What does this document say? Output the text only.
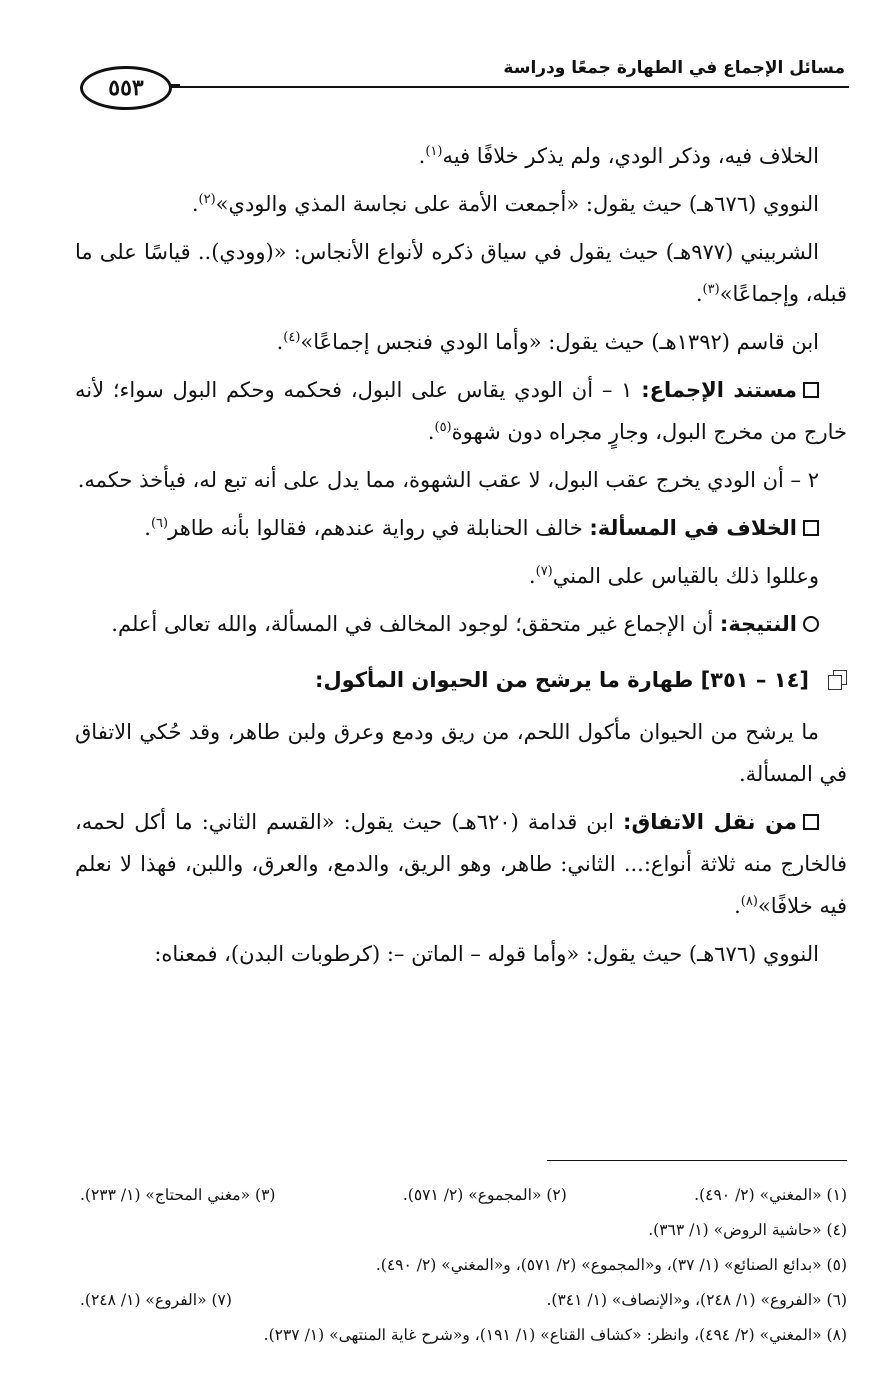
مسائل الإجماع في الطهارة جمعًا ودراسة
٥٥٣

الخلاف فيه، وذكر الودي، ولم يذكر خلافًا فيه$^{(١)}$.

النووي (٦٧٦هـ) حيث يقول: «أجمعت الأمة على نجاسة المذي والودي»$^{(٢)}$.

الشربيني (٩٧٧هـ) حيث يقول في سياق ذكره لأنواع الأنجاس: «(وودي).. قياسًا على ما قبله، وإجماعًا»$^{(٣)}$.

ابن قاسم (١٣٩٢هـ) حيث يقول: «وأما الودي فنجس إجماعًا»$^{(٤)}$.

مستند الإجماع: ١ – أن الودي يقاس على البول، فحكمه وحكم البول سواء؛ لأنه خارج من مخرج البول، وجارٍ مجراه دون شهوة$^{(٥)}$.

٢ – أن الودي يخرج عقب البول، لا عقب الشهوة، مما يدل على أنه تبع له، فيأخذ حكمه.

الخلاف في المسألة: خالف الحنابلة في رواية عندهم، فقالوا بأنه طاهر$^{(٦)}$.

وعللوا ذلك بالقياس على المني$^{(٧)}$.

النتيجة: أن الإجماع غير متحقق؛ لوجود المخالف في المسألة، والله تعالى أعلم.

[١٤ – ٣٥١] طهارة ما يرشح من الحيوان المأكول:

ما يرشح من الحيوان مأكول اللحم، من ريق ودمع وعرق ولبن طاهر، وقد حُكي الاتفاق في المسألة.

من نقل الاتفاق: ابن قدامة (٦٢٠هـ) حيث يقول: «القسم الثاني: ما أكل لحمه، فالخارج منه ثلاثة أنواع:... الثاني: طاهر، وهو الريق، والدمع، والعرق، واللبن، فهذا لا نعلم فيه خلافًا»$^{(٨)}$.

النووي (٦٧٦هـ) حيث يقول: «وأما قوله – الماتن –: (كرطوبات البدن)، فمعناه:

(١) «المغني» (٢/ ٤٩٠).
(٢) «المجموع» (٢/ ٥٧١).
(٣) «مغني المحتاج» (١/ ٢٣٣).
(٤) «حاشية الروض» (١/ ٣٦٣).
(٥) «بدائع الصنائع» (١/ ٣٧)، و«المجموع» (٢/ ٥٧١)، و«المغني» (٢/ ٤٩٠).
(٦) «الفروع» (١/ ٢٤٨)، و«الإنصاف» (١/ ٣٤١).
(٧) «الفروع» (١/ ٢٤٨).
(٨) «المغني» (٢/ ٤٩٤)، وانظر: «كشاف القناع» (١/ ١٩١)، و«شرح غاية المنتهى» (١/ ٢٣٧).
